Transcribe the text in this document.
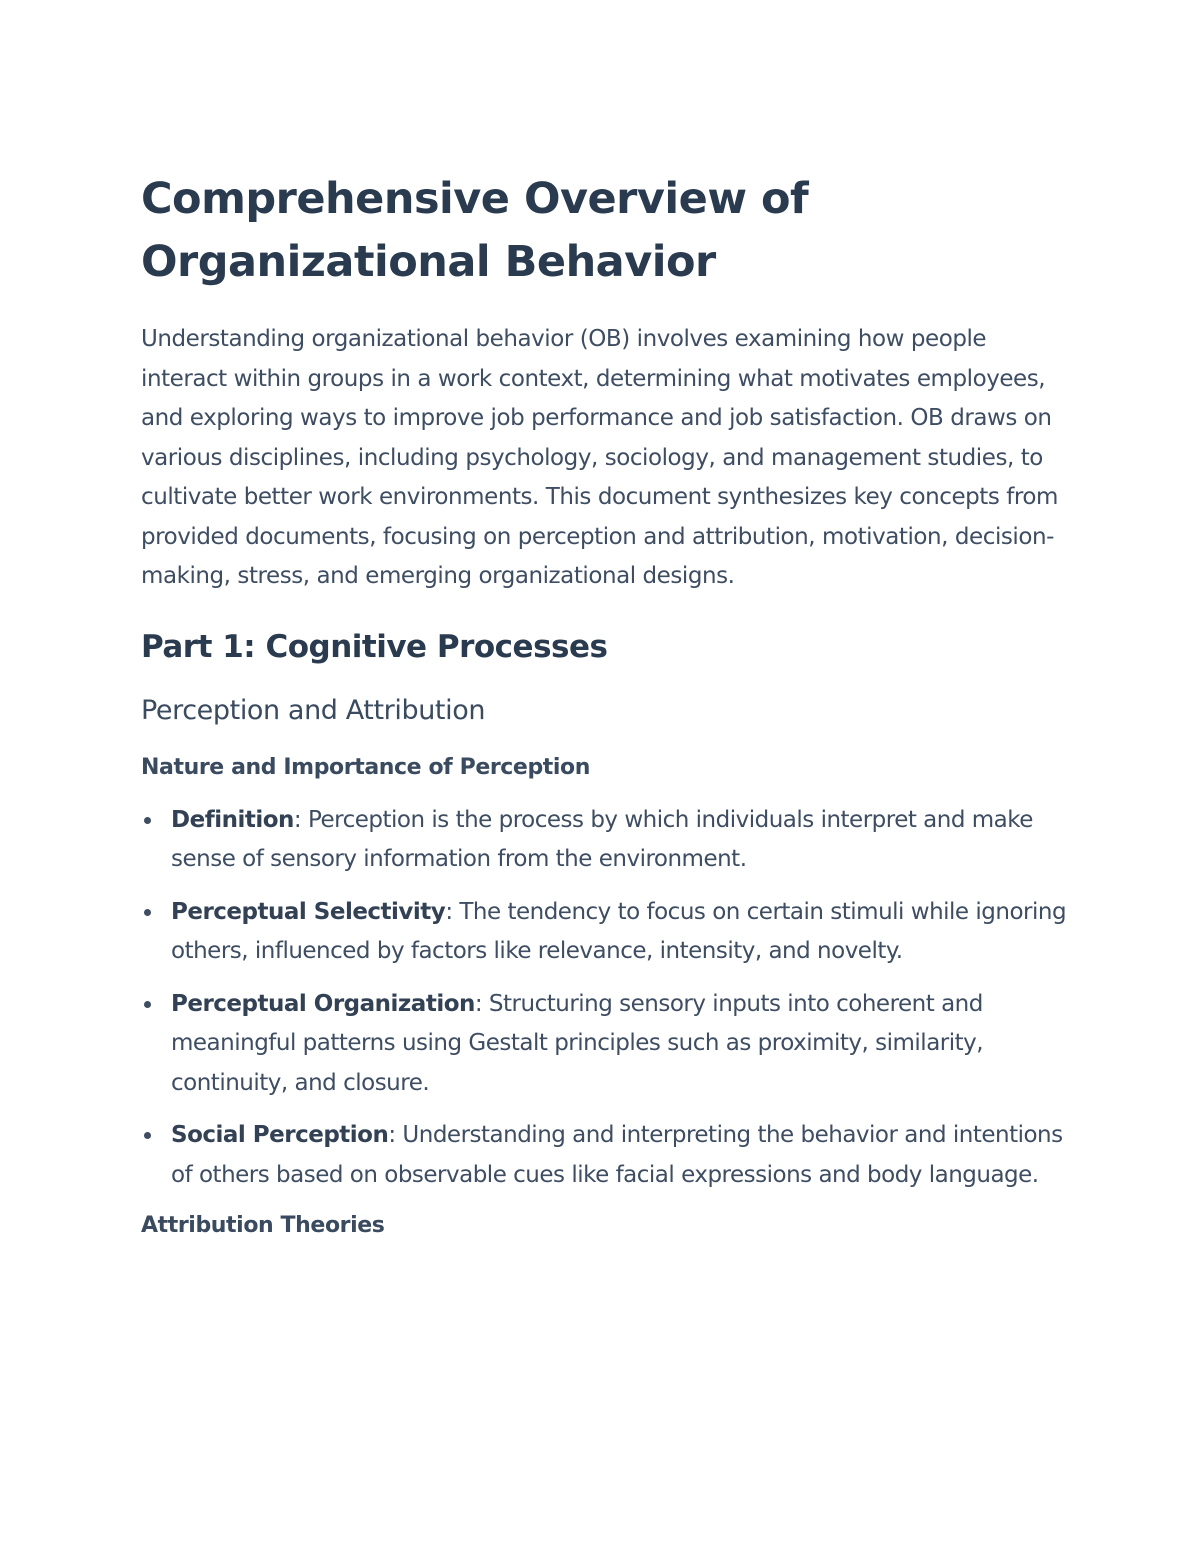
Comprehensive Overview of Organizational Behavior

Understanding organizational behavior (OB) involves examining how people interact within groups in a work context, determining what motivates employees, and exploring ways to improve job performance and job satisfaction. OB draws on various disciplines, including psychology, sociology, and management studies, to cultivate better work environments. This document synthesizes key concepts from provided documents, focusing on perception and attribution, motivation, decision-making, stress, and emerging organizational designs.

Part 1: Cognitive Processes
Perception and Attribution
Nature and Importance of Perception
Definition: Perception is the process by which individuals interpret and make sense of sensory information from the environment.
Perceptual Selectivity: The tendency to focus on certain stimuli while ignoring others, influenced by factors like relevance, intensity, and novelty.
Perceptual Organization: Structuring sensory inputs into coherent and meaningful patterns using Gestalt principles such as proximity, similarity, continuity, and closure.
Social Perception: Understanding and interpreting the behavior and intentions of others based on observable cues like facial expressions and body language.
Attribution Theories
